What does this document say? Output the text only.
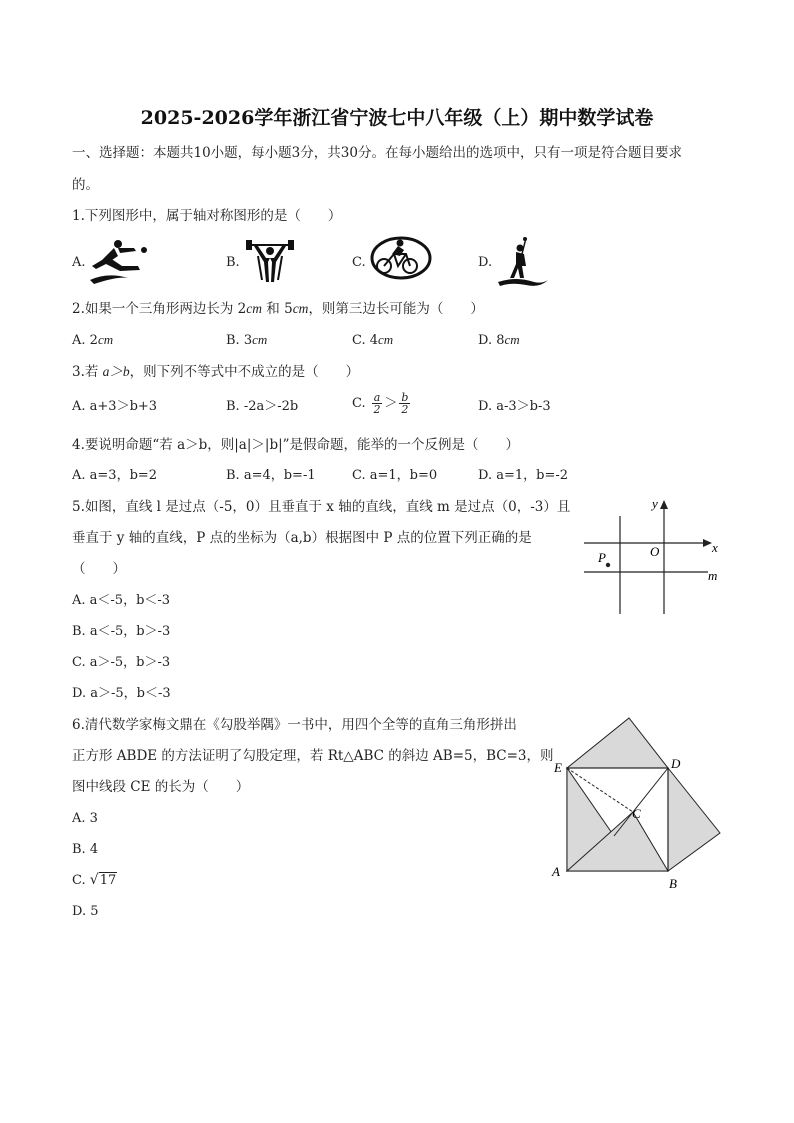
2025-2026学年浙江省宁波七中八年级（上）期中数学试卷
一、选择题：本题共10小题，每小题3分，共30分。在每小题给出的选项中，只有一项是符合题目要求
的。
1.下列图形中，属于轴对称图形的是（　　）
A.	B.	C.	D.
2.如果一个三角形两边长为 2cm 和 5cm，则第三边长可能为（　　）
A. 2cm	B. 3cm	C. 4cm	D. 8cm
3.若 a＞b，则下列不等式中不成立的是（　　）
A. a+3＞b+3	B. -2a＞-2b	C. $\frac{a}{2} > \frac{b}{2}$	D. a-3＞b-3
4.要说明命题“若 a＞b，则|a|＞|b|”是假命题，能举的一个反例是（　　）
A. a=3，b=2	B. a=4，b=-1	C. a=1，b=0	D. a=1，b=-2
5.如图，直线 l 是过点（-5，0）且垂直于 x 轴的直线，直线 m 是过点（0，-3）且
垂直于 y 轴的直线，P 点的坐标为（a,b）根据图中 P 点的位置下列正确的是
（　　）
A. a＜-5，b＜-3
B. a＜-5，b＞-3
C. a＞-5，b＞-3
D. a＞-5，b＜-3
y
x
O
P
m
6.清代数学家梅文鼎在《勾股举隅》一书中，用四个全等的直角三角形拼出
正方形 ABDE 的方法证明了勾股定理，若 Rt△ABC 的斜边 AB=5，BC=3，则
图中线段 CE 的长为（　　）
A. 3
B. 4
C. √ 17
D. 5
E	D
C
A
B
